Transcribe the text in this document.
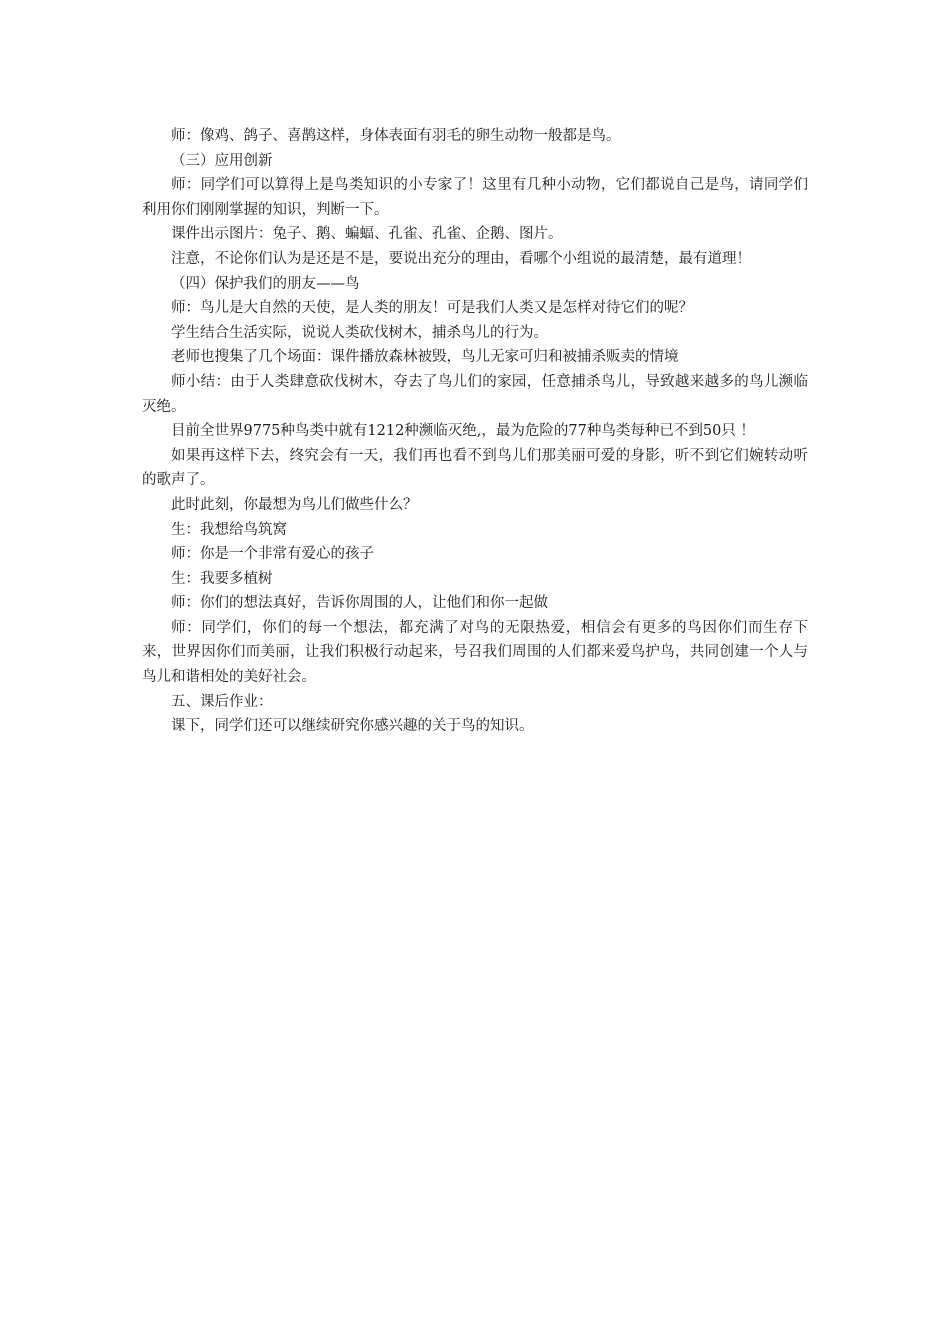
师：像鸡、鸽子、喜鹊这样，身体表面有羽毛的卵生动物一般都是鸟。

（三）应用创新

师：同学们可以算得上是鸟类知识的小专家了！这里有几种小动物，它们都说自己是鸟，请同学们利用你们刚刚掌握的知识，判断一下。

课件出示图片：兔子、鹅、蝙蝠、孔雀、孔雀、企鹅、图片。

注意，不论你们认为是还是不是，要说出充分的理由，看哪个小组说的最清楚，最有道理！

（四）保护我们的朋友——鸟

师：鸟儿是大自然的天使，是人类的朋友！可是我们人类又是怎样对待它们的呢？

学生结合生活实际，说说人类砍伐树木，捕杀鸟儿的行为。

老师也搜集了几个场面：课件播放森林被毁，鸟儿无家可归和被捕杀贩卖的情境

师小结：由于人类肆意砍伐树木，夺去了鸟儿们的家园，任意捕杀鸟儿，导致越来越多的鸟儿濒临灭绝。

目前全世界9775种鸟类中就有1212种濒临灭绝,，最为危险的77种鸟类每种已不到50只 ！

如果再这样下去，终究会有一天，我们再也看不到鸟儿们那美丽可爱的身影，听不到它们婉转动听的歌声了。

此时此刻，你最想为鸟儿们做些什么？

生：我想给鸟筑窝

师：你是一个非常有爱心的孩子

生：我要多植树

师：你们的想法真好，告诉你周围的人，让他们和你一起做

师：同学们，你们的每一个想法，都充满了对鸟的无限热爱，相信会有更多的鸟因你们而生存下来，世界因你们而美丽，让我们积极行动起来，号召我们周围的人们都来爱鸟护鸟，共同创建一个人与鸟儿和谐相处的美好社会。

五、课后作业：

课下，同学们还可以继续研究你感兴趣的关于鸟的知识。
